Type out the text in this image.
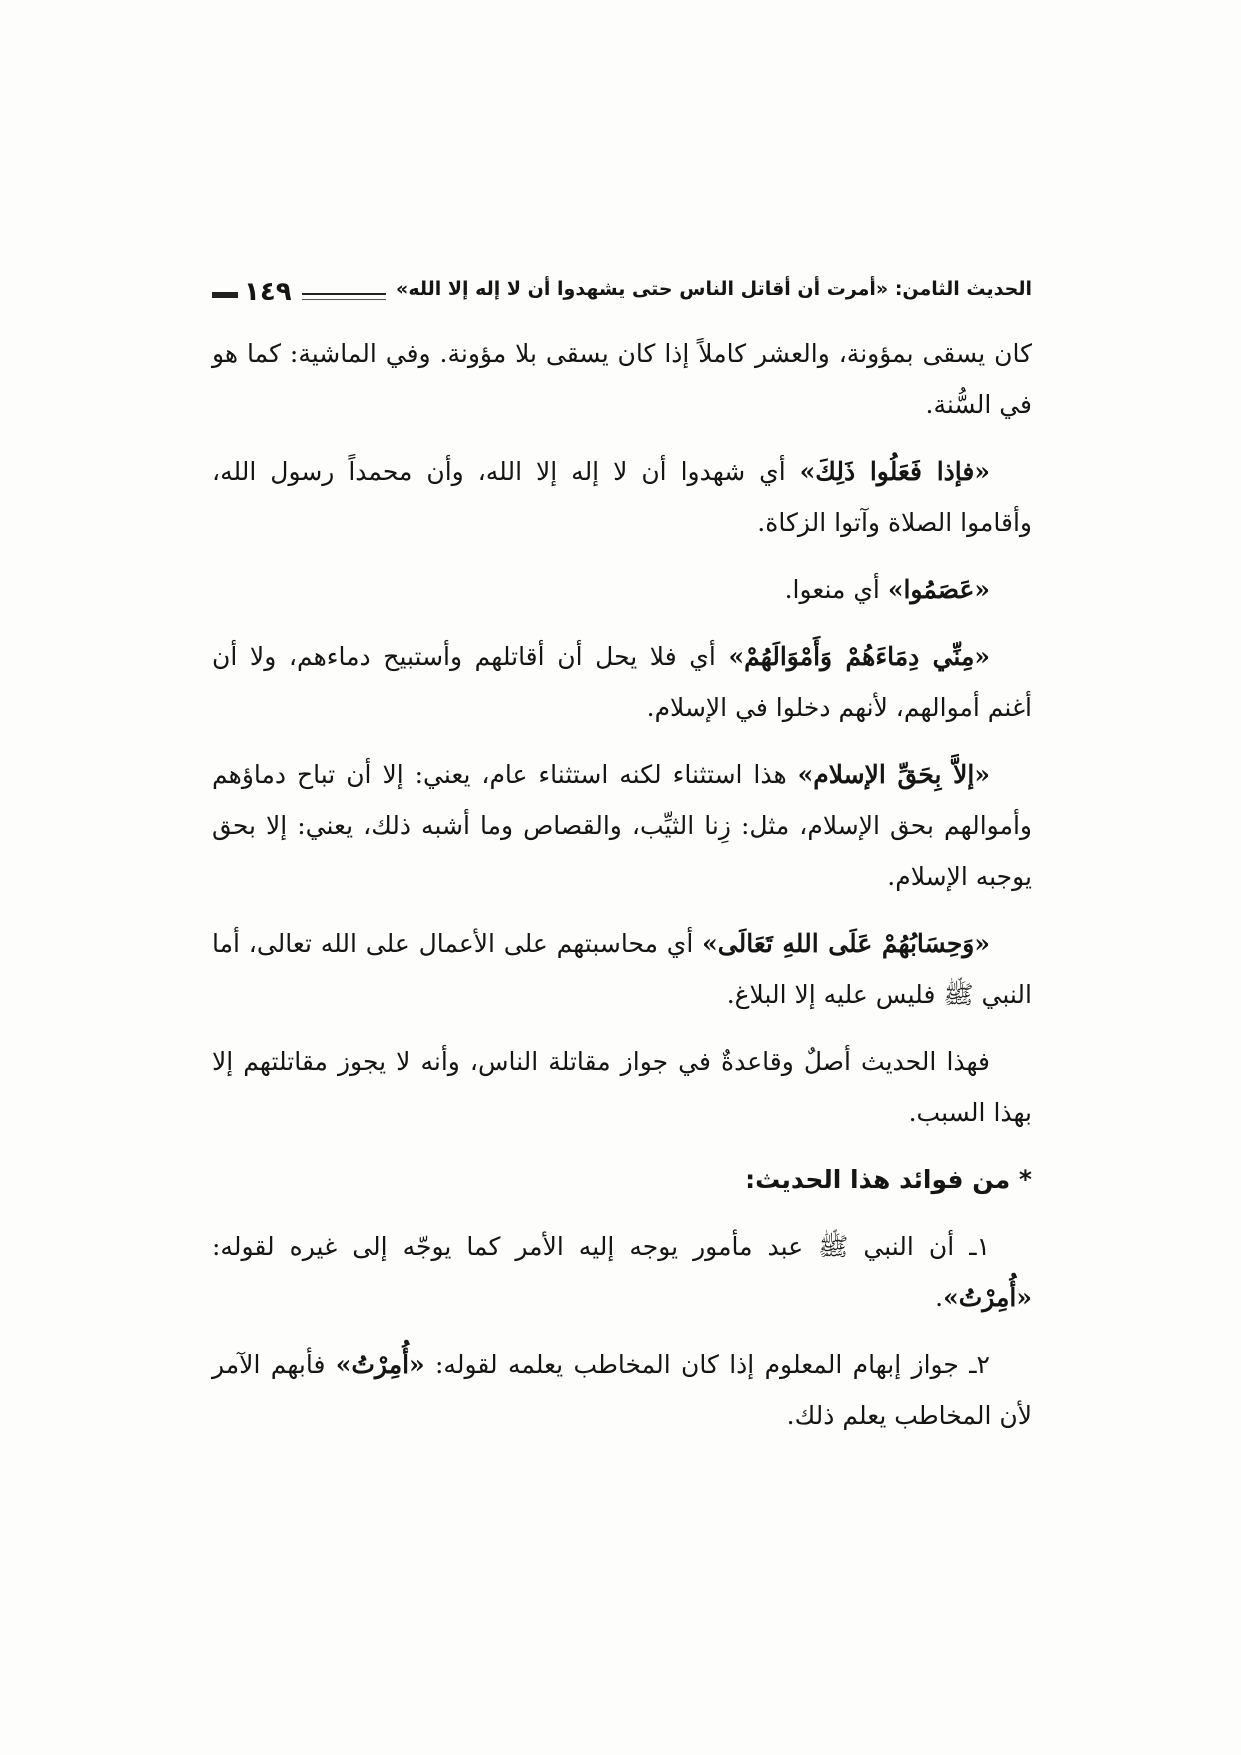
الحديث الثامن: «أمرت أن أقاتل الناس حتى يشهدوا أن لا إله إلا الله»
١٤٩

كان يسقى بمؤونة، والعشر كاملاً إذا كان يسقى بلا مؤونة. وفي الماشية: كما هو في السُّنة.

«فإذا فَعَلُوا ذَلِكَ» أي شهدوا أن لا إله إلا الله، وأن محمداً رسول الله، وأقاموا الصلاة وآتوا الزكاة.

«عَصَمُوا» أي منعوا.

«مِنِّي دِمَاءَهُمْ وَأَمْوَالَهُمْ» أي فلا يحل أن أقاتلهم وأستبيح دماءهم، ولا أن أغنم أموالهم، لأنهم دخلوا في الإسلام.

«إلاَّ بِحَقِّ الإسلام» هذا استثناء لكنه استثناء عام، يعني: إلا أن تباح دماؤهم وأموالهم بحق الإسلام، مثل: زِنا الثيِّب، والقصاص وما أشبه ذلك، يعني: إلا بحق يوجبه الإسلام.

«وَحِسَابُهُمْ عَلَى اللهِ تَعَالَى» أي محاسبتهم على الأعمال على الله تعالى، أما النبي ﷺ فليس عليه إلا البلاغ.

فهذا الحديث أصلٌ وقاعدةٌ في جواز مقاتلة الناس، وأنه لا يجوز مقاتلتهم إلا بهذا السبب.

* من فوائد هذا الحديث:

١ـ أن النبي ﷺ عبد مأمور يوجه إليه الأمر كما يوجّه إلى غيره لقوله: «أُمِرْتُ».

٢ـ جواز إبهام المعلوم إذا كان المخاطب يعلمه لقوله: «أُمِرْتُ» فأبهم الآمر لأن المخاطب يعلم ذلك.
